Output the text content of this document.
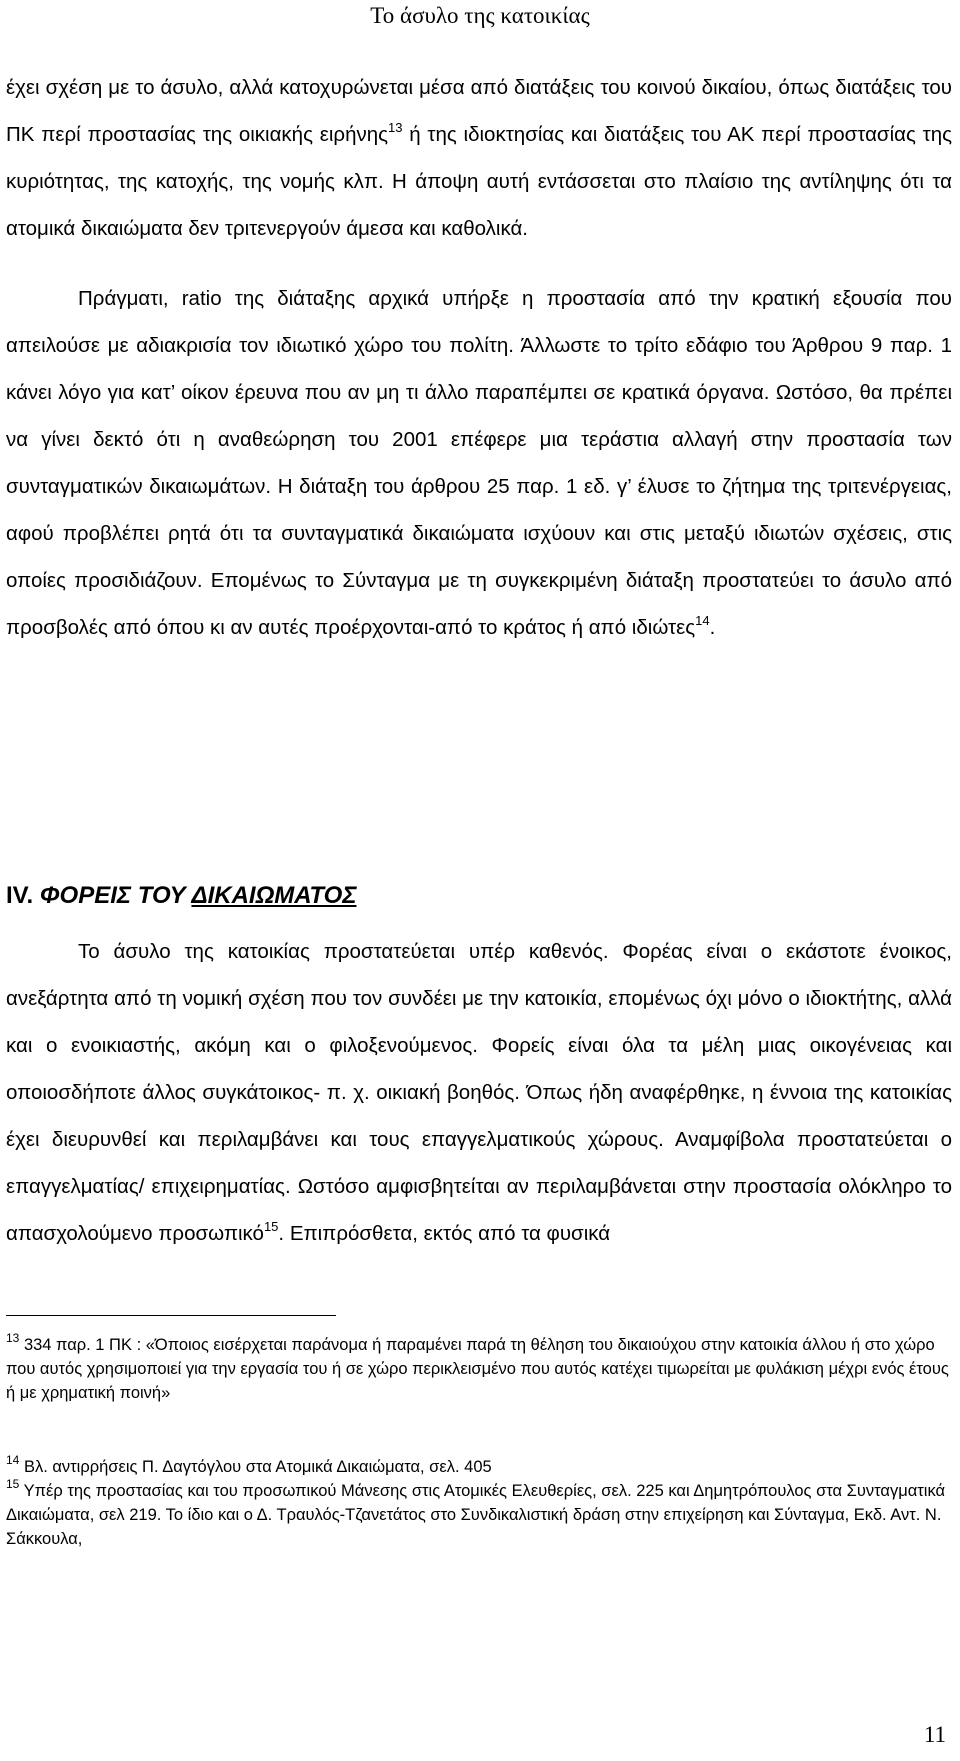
Το άσυλο της κατοικίας

έχει σχέση με το άσυλο, αλλά κατοχυρώνεται μέσα από διατάξεις του κοινού δικαίου, όπως διατάξεις του ΠΚ περί προστασίας της οικιακής ειρήνης$^{13}$ ή της ιδιοκτησίας και διατάξεις του ΑΚ περί προστασίας της κυριότητας, της κατοχής, της νομής κλπ. Η άποψη αυτή εντάσσεται στο πλαίσιο της αντίληψης ότι τα ατομικά δικαιώματα δεν τριτενεργούν άμεσα και καθολικά.

Πράγματι, ratio της διάταξης αρχικά υπήρξε η προστασία από την κρατική εξουσία που απειλούσε με αδιακρισία τον ιδιωτικό χώρο του πολίτη. Άλλωστε το τρίτο εδάφιο του Άρθρου 9 παρ. 1 κάνει λόγο για κατ’ οίκον έρευνα που αν μη τι άλλο παραπέμπει σε κρατικά όργανα. Ωστόσο, θα πρέπει να γίνει δεκτό ότι η αναθεώρηση του 2001 επέφερε μια τεράστια αλλαγή στην προστασία των συνταγματικών δικαιωμάτων. Η διάταξη του άρθρου 25 παρ. 1 εδ. γ’ έλυσε το ζήτημα της τριτενέργειας, αφού προβλέπει ρητά ότι τα συνταγματικά δικαιώματα ισχύουν και στις μεταξύ ιδιωτών σχέσεις, στις οποίες προσιδιάζουν. Επομένως το Σύνταγμα με τη συγκεκριμένη διάταξη προστατεύει το άσυλο από προσβολές από όπου κι αν αυτές προέρχονται-από το κράτος ή από ιδιώτες$^{14}$.

IV. ΦΟΡΕΙΣ ΤΟΥ ΔΙΚΑΙΩΜΑΤΟΣ

Το άσυλο της κατοικίας προστατεύεται υπέρ καθενός. Φορέας είναι ο εκάστοτε ένοικος, ανεξάρτητα από τη νομική σχέση που τον συνδέει με την κατοικία, επομένως όχι μόνο ο ιδιοκτήτης, αλλά και ο ενοικιαστής, ακόμη και ο φιλοξενούμενος. Φορείς είναι όλα τα μέλη μιας οικογένειας και οποιοσδήποτε άλλος συγκάτοικος- π. χ. οικιακή βοηθός. Όπως ήδη αναφέρθηκε, η έννοια της κατοικίας έχει διευρυνθεί και περιλαμβάνει και τους επαγγελματικούς χώρους. Αναμφίβολα προστατεύεται ο επαγγελματίας/ επιχειρηματίας. Ωστόσο αμφισβητείται αν περιλαμβάνεται στην προστασία ολόκληρο το απασχολούμενο προσωπικό$^{15}$. Επιπρόσθετα, εκτός από τα φυσικά

$^{13}$ 334 παρ. 1 ΠΚ : «Όποιος εισέρχεται παράνομα ή παραμένει παρά τη θέληση του δικαιούχου στην κατοικία άλλου ή στο χώρο που αυτός χρησιμοποιεί για την εργασία του ή σε χώρο περικλεισμένο που αυτός κατέχει τιμωρείται με φυλάκιση μέχρι ενός έτους ή με χρηματική ποινή»

$^{14}$ Βλ. αντιρρήσεις Π. Δαγτόγλου στα Ατομικά Δικαιώματα, σελ. 405

$^{15}$ Υπέρ της προστασίας και του προσωπικού Μάνεσης στις Ατομικές Ελευθερίες, σελ. 225 και Δημητρόπουλος στα Συνταγματικά Δικαιώματα, σελ 219. Το ίδιο και ο Δ. Τραυλός-Τζανετάτος στο Συνδικαλιστική δράση στην επιχείρηση και Σύνταγμα, Εκδ. Αντ. Ν. Σάκκουλα,

11
